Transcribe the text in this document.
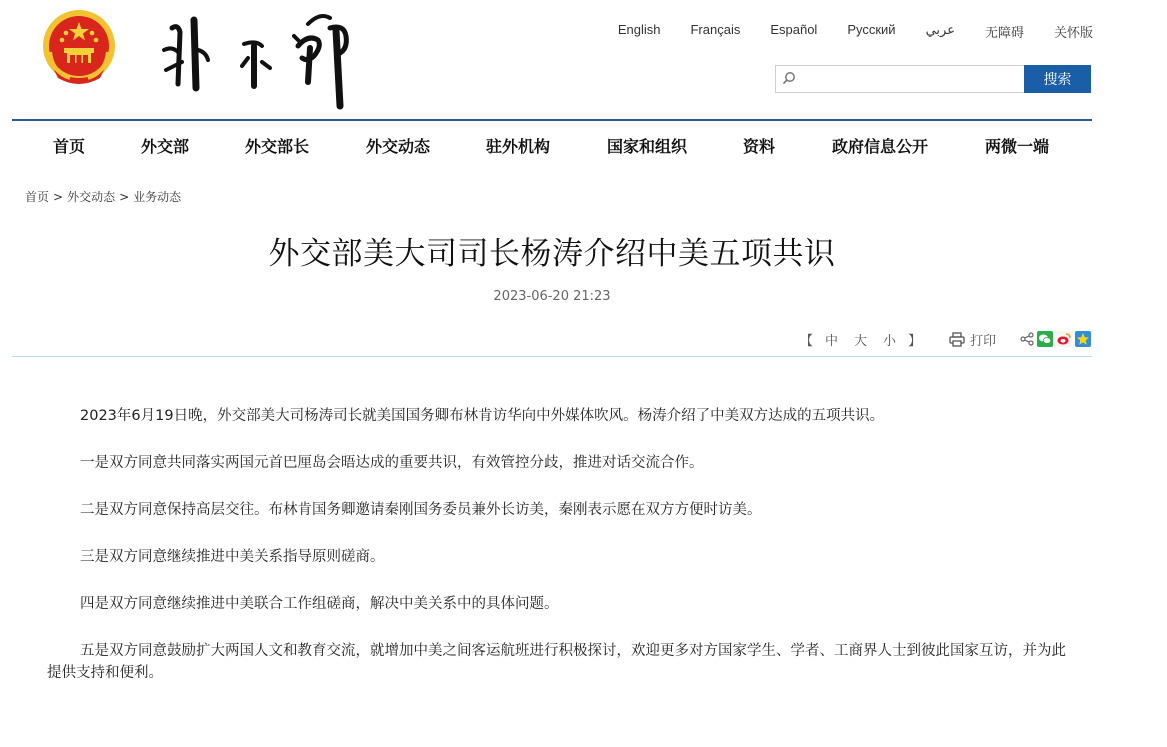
English Français Español Русский عربي 无障碍 关怀版
搜索
首页	外交部	外交部长	外交动态	驻外机构	国家和组织	资料	政府信息公开	两微一端
首页 > 外交动态 > 业务动态
外交部美大司司长杨涛介绍中美五项共识
2023-06-20 21:23
【 中 大 小 】	打印

2023年6月19日晚，外交部美大司杨涛司长就美国国务卿布林肯访华向中外媒体吹风。杨涛介绍了中美双方达成的五项共识。

一是双方同意共同落实两国元首巴厘岛会晤达成的重要共识，有效管控分歧，推进对话交流合作。

二是双方同意保持高层交往。布林肯国务卿邀请秦刚国务委员兼外长访美，秦刚表示愿在双方方便时访美。

三是双方同意继续推进中美关系指导原则磋商。

四是双方同意继续推进中美联合工作组磋商，解决中美关系中的具体问题。

五是双方同意鼓励扩大两国人文和教育交流，就增加中美之间客运航班进行积极探讨，欢迎更多对方国家学生、学者、工商界人士到彼此国家互访，并为此提供支持和便利。
